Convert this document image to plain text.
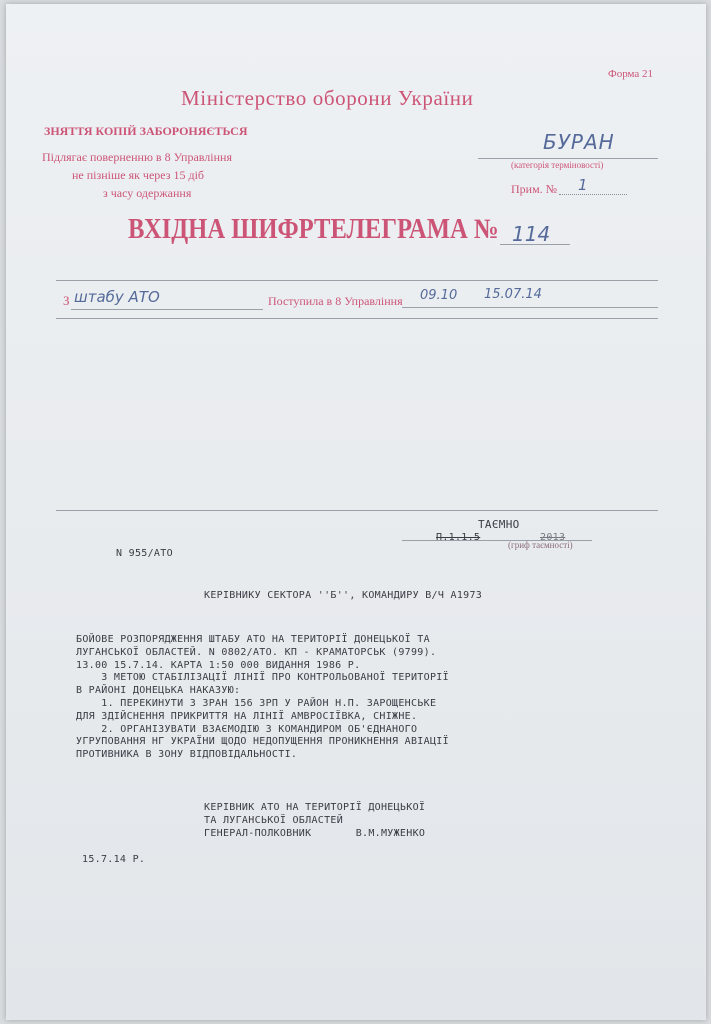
Форма 21
Міністерство оборони України
ЗНЯТТЯ КОПІЙ ЗАБОРОНЯЄТЬСЯ
Підлягає поверненню в 8 Управління
не пізніше як через 15 діб
з часу одержання
БУРАН
(категорія терміновості)
Прим. № 1
ВХІДНА ШИФРТЕЛЕГРАМА № 114
З штабу АТО	Поступила в 8 Управління 09.10 15.07.14
ТАЄМНО
П.1.1.5	2013
(гриф таємності)
N 955/АТО
КЕРІВНИКУ СЕКТОРА ''Б'', КОМАНДИРУ В/Ч А1973
БОЙОВЕ РОЗПОРЯДЖЕННЯ ШТАБУ АТО НА ТЕРИТОРІЇ ДОНЕЦЬКОЇ ТА
ЛУГАНСЬКОЇ ОБЛАСТЕЙ. N 0802/АТО. КП - КРАМАТОРСЬК (9799).
13.00 15.7.14. КАРТА 1:50 000 ВИДАННЯ 1986 Р.
З МЕТОЮ СТАБІЛІЗАЦІЇ ЛІНІЇ ПРО КОНТРОЛЬОВАНОЇ ТЕРИТОРІЇ
В РАЙОНІ ДОНЕЦЬКА НАКАЗУЮ:
1. ПЕРЕКИНУТИ 3 ЗРАН 156 ЗРП У РАЙОН Н.П. ЗАРОЩЕНСЬКЕ
ДЛЯ ЗДІЙСНЕННЯ ПРИКРИТТЯ НА ЛІНІЇ АМВРОСІЇВКА, СНІЖНЕ.
2. ОРГАНІЗУВАТИ ВЗАЄМОДІЮ З КОМАНДИРОМ ОБ'ЄДНАНОГО
УГРУПОВАННЯ НГ УКРАЇНИ ЩОДО НЕДОПУЩЕННЯ ПРОНИКНЕННЯ АВІАЦІЇ
ПРОТИВНИКА В ЗОНУ ВІДПОВІДАЛЬНОСТІ.
КЕРІВНИК АТО НА ТЕРИТОРІЇ ДОНЕЦЬКОЇ
ТА ЛУГАНСЬКОЇ ОБЛАСТЕЙ
ГЕНЕРАЛ-ПОЛКОВНИК       В.М.МУЖЕНКО
15.7.14 Р.
